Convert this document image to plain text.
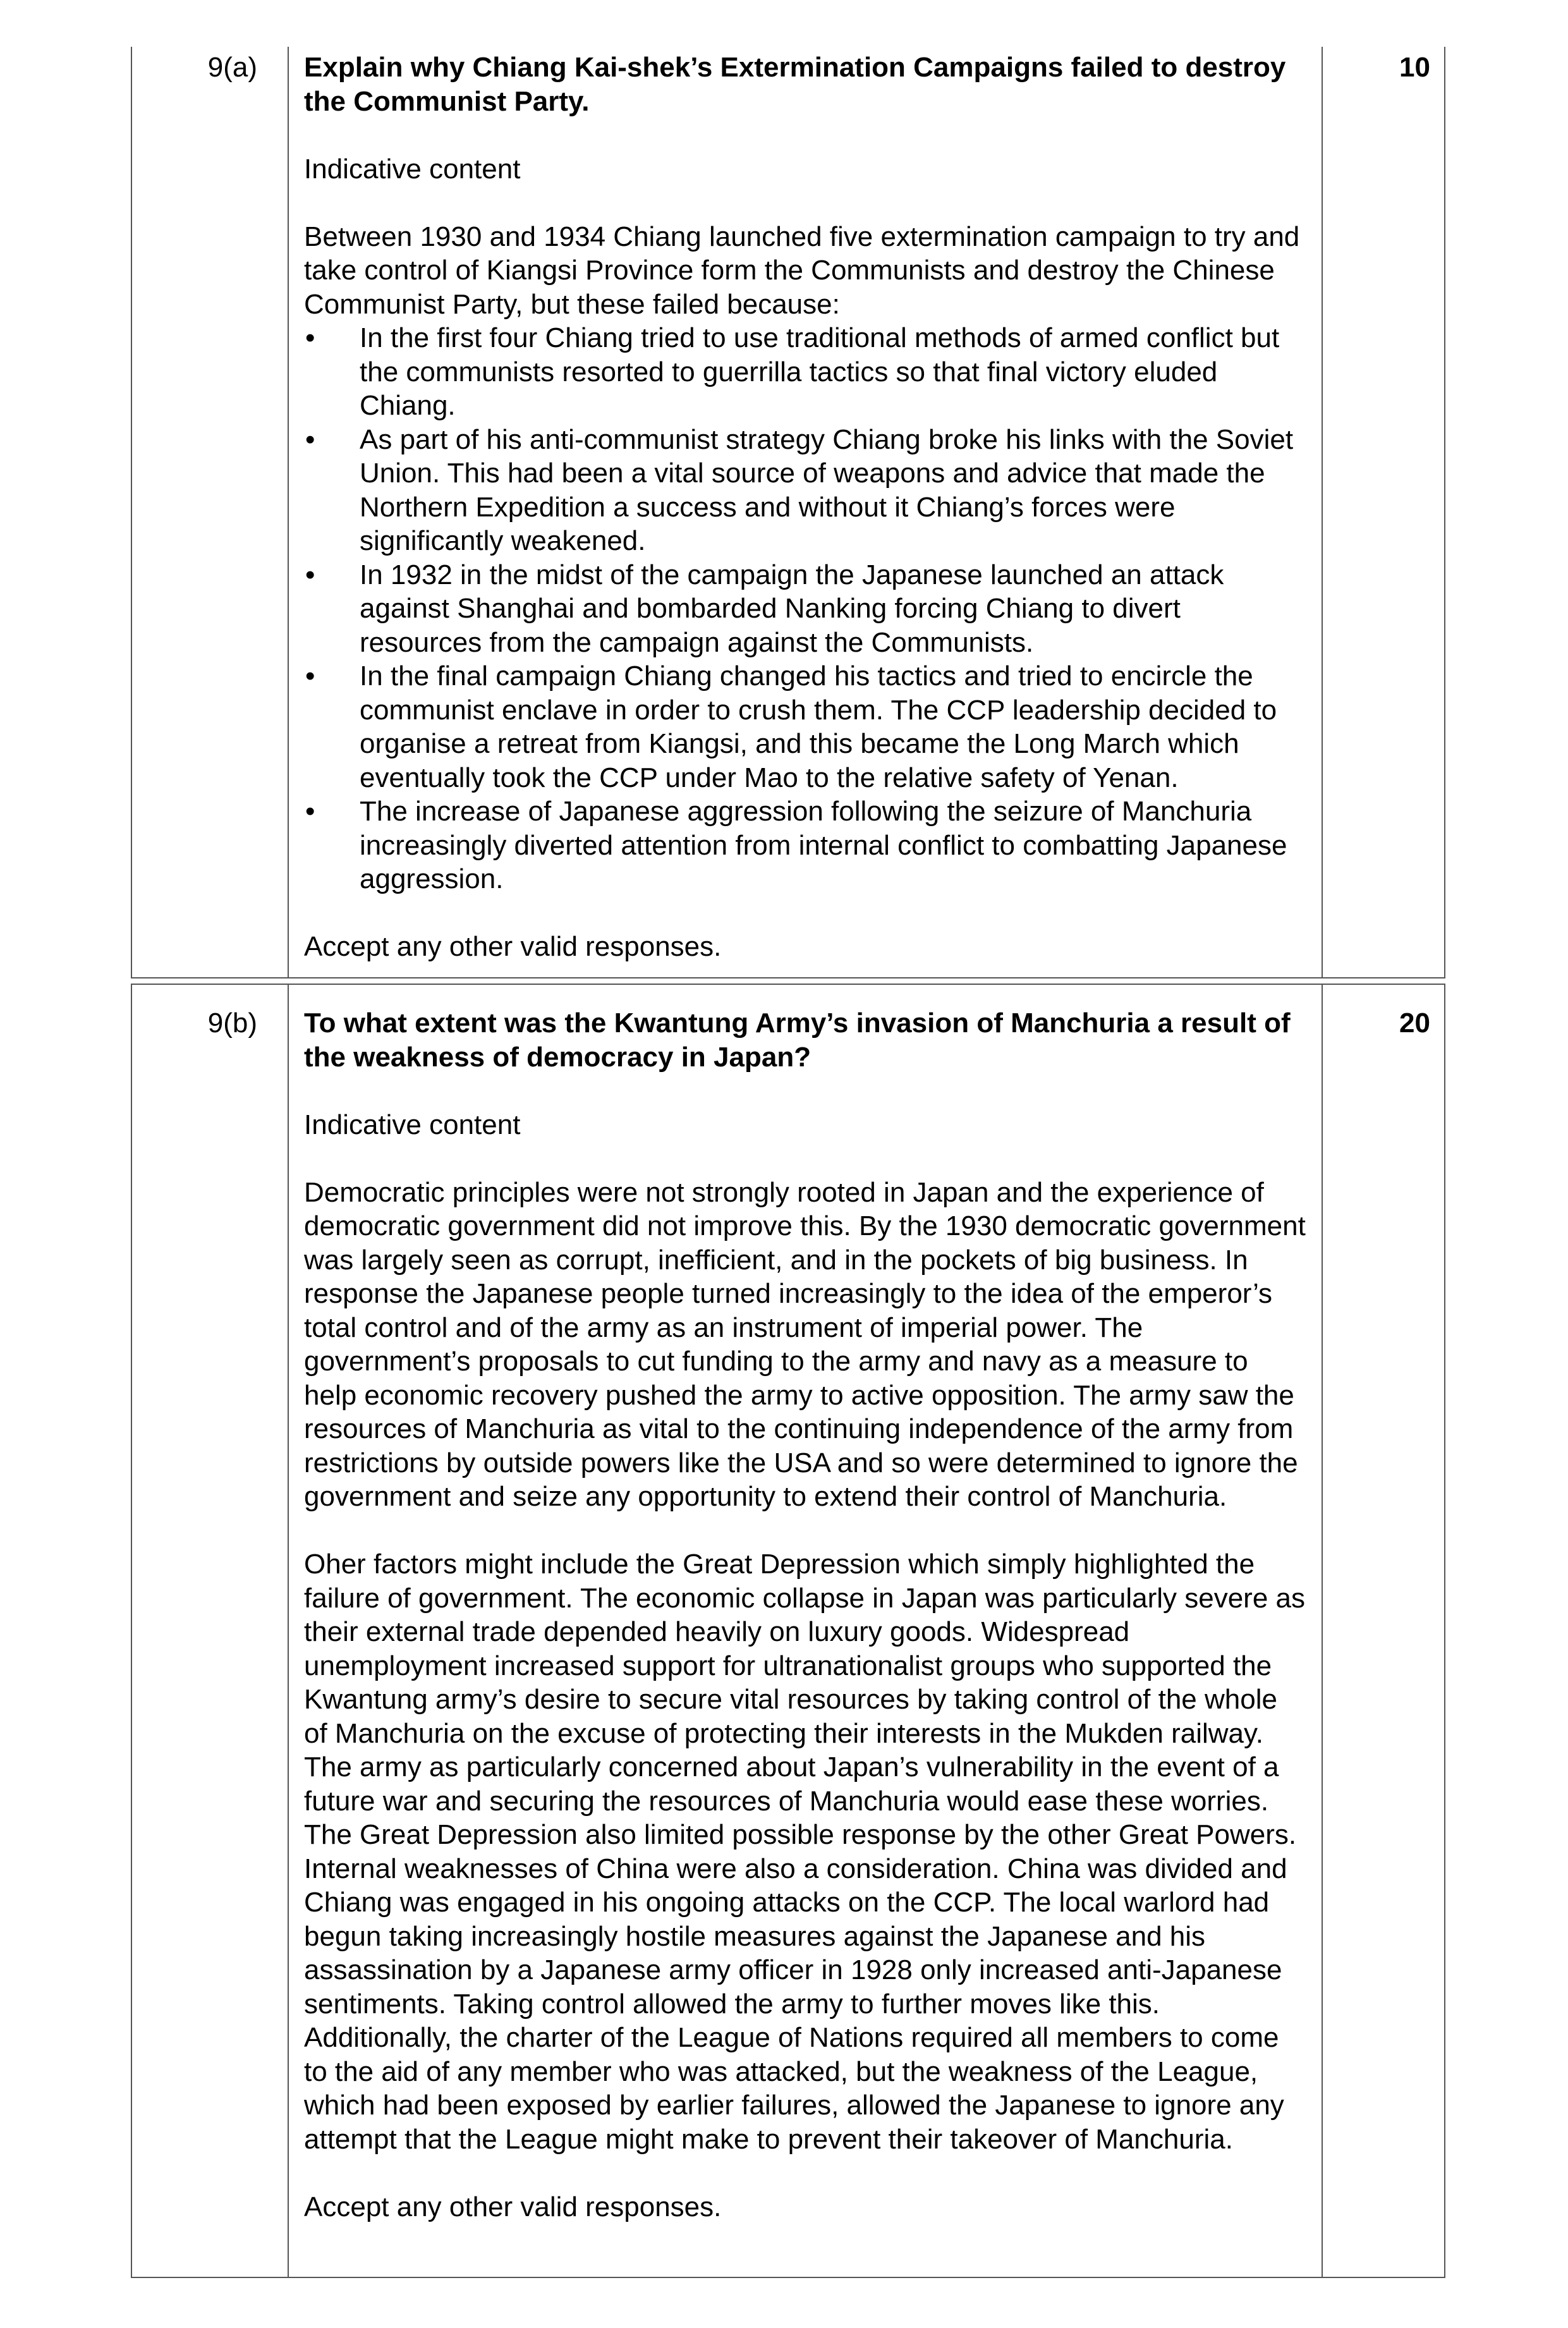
9(a)	Explain why Chiang Kai-shek’s Extermination Campaigns failed to destroy the Communist Party.

Indicative content

Between 1930 and 1934 Chiang launched five extermination campaign to try and take control of Kiangsi Province form the Communists and destroy the Chinese Communist Party, but these failed because:

• In the first four Chiang tried to use traditional methods of armed conflict but the communists resorted to guerrilla tactics so that final victory eluded Chiang.
• As part of his anti-communist strategy Chiang broke his links with the Soviet Union. This had been a vital source of weapons and advice that made the Northern Expedition a success and without it Chiang’s forces were significantly weakened.
• In 1932 in the midst of the campaign the Japanese launched an attack against Shanghai and bombarded Nanking forcing Chiang to divert resources from the campaign against the Communists.
• In the final campaign Chiang changed his tactics and tried to encircle the communist enclave in order to crush them. The CCP leadership decided to organise a retreat from Kiangsi, and this became the Long March which eventually took the CCP under Mao to the relative safety of Yenan.
• The increase of Japanese aggression following the seizure of Manchuria increasingly diverted attention from internal conflict to combatting Japanese aggression.

Accept any other valid responses.

10
9(b)	To what extent was the Kwantung Army’s invasion of Manchuria a result of the weakness of democracy in Japan?

Indicative content

Democratic principles were not strongly rooted in Japan and the experience of democratic government did not improve this. By the 1930 democratic government was largely seen as corrupt, inefficient, and in the pockets of big business. In response the Japanese people turned increasingly to the idea of the emperor’s total control and of the army as an instrument of imperial power. The government’s proposals to cut funding to the army and navy as a measure to help economic recovery pushed the army to active opposition. The army saw the resources of Manchuria as vital to the continuing independence of the army from restrictions by outside powers like the USA and so were determined to ignore the government and seize any opportunity to extend their control of Manchuria.

Oher factors might include the Great Depression which simply highlighted the failure of government. The economic collapse in Japan was particularly severe as their external trade depended heavily on luxury goods. Widespread unemployment increased support for ultranationalist groups who supported the Kwantung army’s desire to secure vital resources by taking control of the whole of Manchuria on the excuse of protecting their interests in the Mukden railway. The army as particularly concerned about Japan’s vulnerability in the event of a future war and securing the resources of Manchuria would ease these worries. The Great Depression also limited possible response by the other Great Powers. Internal weaknesses of China were also a consideration. China was divided and Chiang was engaged in his ongoing attacks on the CCP. The local warlord had begun taking increasingly hostile measures against the Japanese and his assassination by a Japanese army officer in 1928 only increased anti-Japanese sentiments. Taking control allowed the army to further moves like this. Additionally, the charter of the League of Nations required all members to come to the aid of any member who was attacked, but the weakness of the League, which had been exposed by earlier failures, allowed the Japanese to ignore any attempt that the League might make to prevent their takeover of Manchuria.

Accept any other valid responses.

20
